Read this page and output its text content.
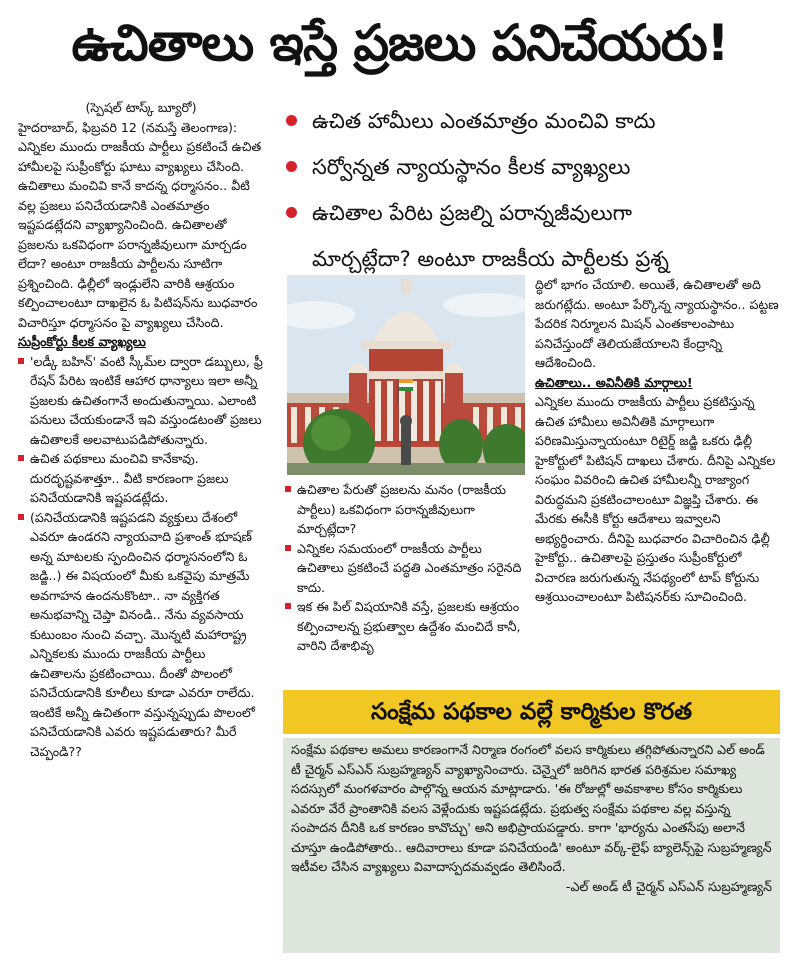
ఉచితాలు ఇస్తే ప్రజలు పనిచేయరు!
ఉచిత హామీలు ఎంతమాత్రం మంచివి కాదు
సర్వోన్నత న్యాయస్థానం కీలక వ్యాఖ్యలు
ఉచితాల పేరిట ప్రజల్ని పరాన్నజీవులుగా
మార్చట్లేదా? అంటూ రాజకీయ పార్టీలకు ప్రశ్న

(స్పెషల్ టాస్క్ బ్యూరో)

హైదరాబాద్, ఫిబ్రవరి 12 (నమస్తే తెలంగాణ): ఎన్నికల ముందు రాజకీయ పార్టీలు ప్రకటించే ఉచిత హామీలపై సుప్రీంకోర్టు ఘాటు వ్యాఖ్యలు చేసింది. ఉచితాలు మంచివి కానే కాదన్న ధర్మాసనం.. వీటి వల్ల ప్రజలు పనిచేయడానికి ఎంతమాత్రం ఇష్టపడట్లేదని వ్యాఖ్యానించింది. ఉచితాలతో ప్రజలను ఒకవిధంగా పరాన్నజీవులుగా మార్చడం లేదా? అంటూ రాజకీయ పార్టీలను సూటిగా ప్రశ్నించింది. ఢిల్లీలో ఇండ్లులేని వారికి ఆశ్రయం కల్పించాలంటూ దాఖలైన ఓ పిటిషన్‌ను బుధవారం విచారిస్తూ ధర్మాసనం పై వ్యాఖ్యలు చేసింది.

సుప్రీంకోర్టు కీలక వ్యాఖ్యలు

'లడ్కీ బహిన్' వంటి స్కీమ్‌ల ద్వారా డబ్బులు, ఫ్రీ రేషన్ పేరిట ఇంటికే ఆహార ధాన్యాలు ఇలా అన్నీ ప్రజలకు ఉచితంగానే అందుతున్నాయి. ఎలాంటి పనులు చేయకుండానే ఇవి వస్తుండటంతో ప్రజలు ఉచితాలకే అలవాటుపడిపోతున్నారు.

ఉచిత పథకాలు మంచివి కానేకావు. దురదృష్టవశాత్తూ.. వీటి కారణంగా ప్రజలు పనిచేయడానికి ఇష్టపడట్లేదు.

(పనిచేయడానికి ఇష్టపడని వ్యక్తులు దేశంలో ఎవరూ ఉండరని న్యాయవాది ప్రశాంత్ భూషణ్ అన్న మాటలకు స్పందించిన ధర్మాసనంలోని ఓ జడ్జి..) ఈ విషయంలో మీకు ఒకవైపు మాత్రమే అవగాహన ఉందనుకొంటా.. నా వ్యక్తిగత అనుభవాన్ని చెప్తా వినండి.. నేను వ్యవసాయ కుటుంబం నుంచి వచ్చా. మొన్నటి మహారాష్ట్ర ఎన్నికలకు ముందు రాజకీయ పార్టీలు ఉచితాలను ప్రకటించాయి. దీంతో పొలంలో పనిచేయడానికి కూలీలు కూడా ఎవరూ రాలేదు. ఇంటికే అన్నీ ఉచితంగా వస్తున్నప్పుడు పొలంలో పనిచేయడానికి ఎవరు ఇష్టపడుతారు? మీరే చెప్పండి??

ఉచితాల పేరుతో ప్రజలను మనం (రాజకీయ పార్టీలు) ఒకవిధంగా పరాన్నజీవులుగా మార్చట్లేదా?

ఎన్నికల సమయంలో రాజకీయ పార్టీలు ఉచితాలు ప్రకటించే పద్ధతి ఎంతమాత్రం సరైనది కాదు.

ఇక ఈ పిల్ విషయానికి వస్తే, ప్రజలకు ఆశ్రయం కల్పించాలన్న ప్రభుత్వాల ఉద్దేశం మంచిదే కానీ, వారిని దేశాభివృ

ద్ధిలో భాగం చేయాలి. అయితే, ఉచితాలతో అది జరుగట్లేదు. అంటూ పేర్కొన్న న్యాయస్థానం.. పట్టణ పేదరిక నిర్మూలన మిషన్ ఎంతకాలంపాటు పనిచేస్తుందో తెలియజేయాలని కేంద్రాన్ని ఆదేశించింది.

ఉచితాలు.. అవినీతికి మార్గాలు!

ఎన్నికల ముందు రాజకీయ పార్టీలు ప్రకటిస్తున్న ఉచిత హామీలు అవినీతికి మార్గాలుగా పరిణమిస్తున్నాయంటూ రిటైర్డ్ జడ్జి ఒకరు ఢిల్లీ హైకోర్టులో పిటిషన్ దాఖలు చేశారు. దీనిపై ఎన్నికల సంఘం వివరించి ఉచిత హామీలన్నీ రాజ్యాంగ విరుద్ధమని ప్రకటించాలంటూ విజ్ఞప్తి చేశారు. ఈ మేరకు ఈసీకి కోర్టు ఆదేశాలు ఇవ్వాలని అభ్యర్థించారు. దీనిపై బుధవారం విచారించిన ఢిల్లీ హైకోర్టు.. ఉచితాలపై ప్రస్తుతం సుప్రీంకోర్టులో విచారణ జరుగుతున్న నేపథ్యంలో టాప్ కోర్టును ఆశ్రయించాలంటూ పిటిషనర్‌కు సూచించింది.

సంక్షేమ పథకాల వల్లే కార్మికుల కొరత

సంక్షేమ పథకాల అమలు కారణంగానే నిర్మాణ రంగంలో వలస కార్మికులు తగ్గిపోతున్నారని ఎల్ అండ్ టీ చైర్మన్ ఎస్ఎన్ సుబ్రహ్మణ్యన్ వ్యాఖ్యానించారు. చెన్నైలో జరిగిన భారత పరిశ్రమల సమాఖ్య సదస్సులో మంగళవారం పాల్గొన్న ఆయన మాట్లాడారు. 'ఈ రోజుల్లో అవకాశాల కోసం కార్మికులు ఎవరూ వేరే ప్రాంతానికి వలస వెళ్లేందుకు ఇష్టపడట్లేదు. ప్రభుత్వ సంక్షేమ పథకాల వల్ల వస్తున్న సంపాదన దీనికి ఒక కారణం కావొచ్చు' అని అభిప్రాయపడ్డారు. కాగా 'భార్యను ఎంతసేపు అలానే చూస్తూ ఉండిపోతారు.. ఆదివారాలు కూడా పనిచేయండి' అంటూ వర్క్-లైఫ్ బ్యాలెన్స్‌పై సుబ్రహ్మణ్యన్ ఇటీవల చేసిన వ్యాఖ్యలు వివాదాస్పదమవ్వడం తెలిసిందే.

-ఎల్ అండ్ టీ చైర్మన్ ఎస్ఎన్ సుబ్రహ్మణ్యన్
